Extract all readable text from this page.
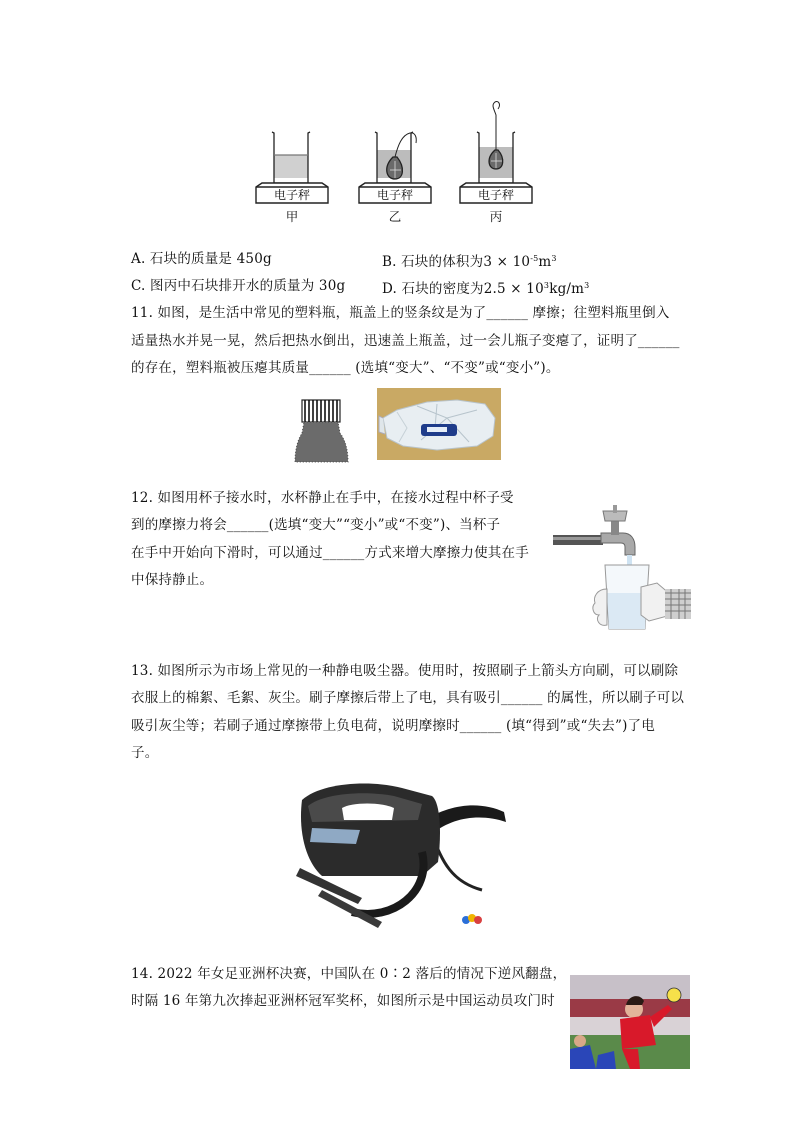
电子秤	电子秤	电子秤
甲	乙	丙
A. 石块的质量是 450g	B. 石块的体积为$3 \times 10^{-5}m^3$
C. 图丙中石块排开水的质量为 30g	D. 石块的密度为$2.5 \times 10^3kg/m^3$
11. 如图，是生活中常见的塑料瓶，瓶盖上的竖条纹是为了______ 摩擦；往塑料瓶里倒入
适量热水并晃一晃，然后把热水倒出，迅速盖上瓶盖，过一会儿瓶子变瘪了，证明了______
的存在，塑料瓶被压瘪其质量______ (选填“变大”、“不变”或“变小”)。
12. 如图用杯子接水时，水杯静止在手中，在接水过程中杯子受
到的摩擦力将会______(选填“变大”“变小”或“不变”)、当杯子
在手中开始向下滑时，可以通过______方式来增大摩擦力使其在手
中保持静止。
13. 如图所示为市场上常见的一种静电吸尘器。使用时，按照刷子上箭头方向刷，可以刷除
衣服上的棉絮、毛絮、灰尘。刷子摩擦后带上了电，具有吸引______ 的属性，所以刷子可以
吸引灰尘等；若刷子通过摩擦带上负电荷，说明摩擦时______ (填“得到”或“失去”)了电
子。
14. 2022 年女足亚洲杯决赛，中国队在 0∶2 落后的情况下逆风翻盘，
时隔 16 年第九次捧起亚洲杯冠军奖杯，如图所示是中国运动员攻门时
